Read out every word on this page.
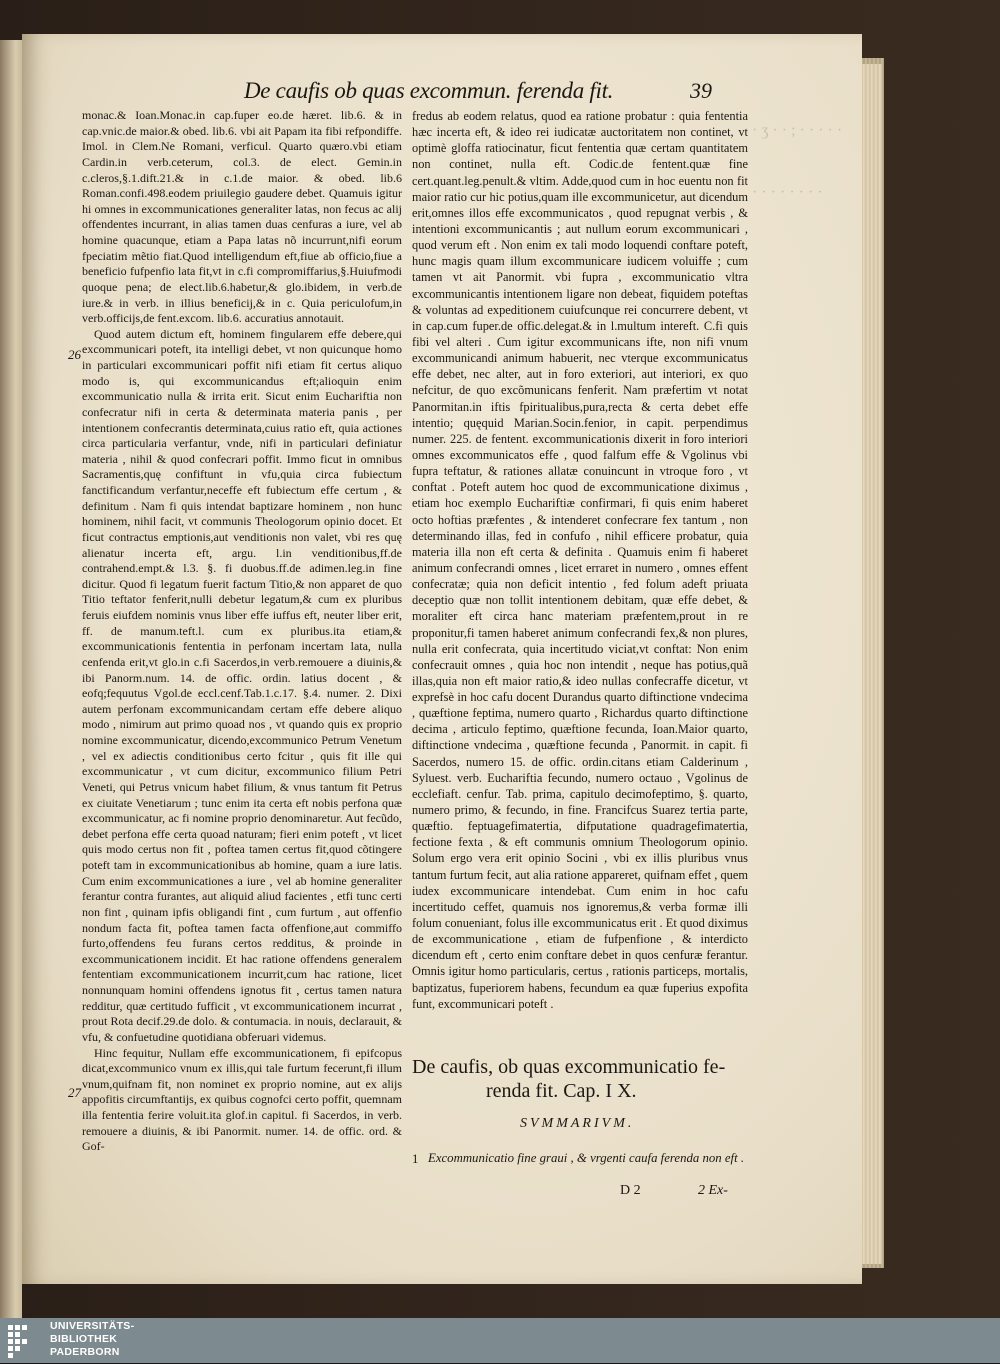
· ʒ · · ; · · · · · · · · · · · · ·
De caufis ob quas excommun. ferenda fit.	39

monac.& Ioan.Monac.in cap.fuper eo.de hæret. lib.6. & in cap.vnic.de maior.& obed. lib.6. vbi ait Papam ita fibi refpondiffe. Imol. in Clem.Ne Romani, verficul. Quarto quæro.vbi etiam Cardin.in verb.ceterum, col.3. de elect. Gemin.in c.cleros,§.1.dift.21.& in c.1.de maior. & obed. lib.6 Roman.confi.498.eodem priuilegio gaudere debet. Quamuis igitur hi omnes in excommunicationes generaliter latas, non fecus ac alij offendentes incurrant, in alias tamen duas cenfuras a iure, vel ab homine quacunque, etiam a Papa latas nõ incurrunt,nifi eorum fpeciatim mẽtio fiat.Quod intelligendum eft,fiue ab officio,fiue a beneficio fufpenfio lata fit,vt in c.fi compromiffarius,§.Huiufmodi quoque pena; de elect.lib.6.habetur,& glo.ibidem, in verb.de iure.& in verb. in illius beneficij,& in c. Quia periculofum,in verb.officijs,de fent.excom. lib.6. accuratius annotauit.

Quod autem dictum eft, hominem fingularem effe debere,qui excommunicari poteft, ita intelligi debet, vt non quicunque homo in particulari excommunicari poffit nifi etiam fit certus aliquo modo is, qui excommunicandus eft;alioquin enim excommunicatio nulla & irrita erit. Sicut enim Euchariftia non confecratur nifi in certa & determinata materia panis , per intentionem confecrantis determinata,cuius ratio eft, quia actiones circa particularia verfantur, vnde, nifi in particulari definiatur materia , nihil & quod confecrari poffit. Immo ficut in omnibus Sacramentis,quę confiftunt in vfu,quia circa fubiectum fanctificandum verfantur,neceffe eft fubiectum effe certum , & definitum . Nam fi quis intendat baptizare hominem , non hunc hominem, nihil facit, vt communis Theologorum opinio docet. Et ficut contractus emptionis,aut venditionis non valet, vbi res quę alienatur incerta eft, argu. l.in venditionibus,ff.de contrahend.empt.& l.3. §. fi duobus.ff.de adimen.leg.in fine dicitur. Quod fi legatum fuerit factum Titio,& non apparet de quo Titio teftator fenferit,nulli debetur legatum,& cum ex pluribus feruis eiufdem nominis vnus liber effe iuffus eft, neuter liber erit, ff. de manum.teft.l. cum ex pluribus.ita etiam,& excommunicationis fententia in perfonam incertam lata, nulla cenfenda erit,vt glo.in c.fi Sacerdos,in verb.remouere a diuinis,& ibi Panorm.num. 14. de offic. ordin. latius docent , & eofq;fequutus Vgol.de eccl.cenf.Tab.1.c.17. §.4. numer. 2. Dixi autem perfonam excommunicandam certam effe debere aliquo modo , nimirum aut primo quoad nos , vt quando quis ex proprio nomine excommunicatur, dicendo,excommunico Petrum Venetum , vel ex adiectis conditionibus certo fcitur , quis fit ille qui excommunicatur , vt cum dicitur, excommunico filium Petri Veneti, qui Petrus vnicum habet filium, & vnus tantum fit Petrus ex ciuitate Venetiarum ; tunc enim ita certa eft nobis perfona quæ excommunicatur, ac fi nomine proprio denominaretur. Aut fecũdo, debet perfona effe certa quoad naturam; fieri enim poteft , vt licet quis modo certus non fit , poftea tamen certus fit,quod cõtingere poteft tam in excommunicationibus ab homine, quam a iure latis. Cum enim excommunicationes a iure , vel ab homine generaliter ferantur contra furantes, aut aliquid aliud facientes , etfi tunc certi non fint , quinam ipfis obligandi fint , cum furtum , aut offenfio nondum facta fit, poftea tamen facta offenfione,aut commiffo furto,offendens feu furans certos redditus, & proinde in excommunicationem incidit. Et hac ratione offendens generalem fententiam excommunicationem incurrit,cum hac ratione, licet nonnunquam homini offendens ignotus fit , certus tamen natura redditur, quæ certitudo fufficit , vt excommunicationem incurrat , prout Rota decif.29.de dolo. & contumacia. in nouis, declarauit, & vfu, & confuetudine quotidiana obferuari videmus.

Hinc fequitur, Nullam effe excommunicationem, fi epifcopus dicat,excommunico vnum ex illis,qui tale furtum fecerunt,fi illum vnum,quifnam fit, non nominet ex proprio nomine, aut ex alijs appofitis circumftantijs, ex quibus cognofci certo poffit, quemnam illa fententia ferire voluit.ita glof.in capitul. fi Sacerdos, in verb. remouere a diuinis, & ibi Panormit. numer. 14. de offic. ord. & Gof-

26
27

fredus ab eodem relatus, quod ea ratione probatur : quia fententia hæc incerta eft, & ideo rei iudicatæ auctoritatem non continet, vt optimè gloffa ratiocinatur, ficut fententia quæ certam quantitatem non continet, nulla eft. Codic.de fentent.quæ fine cert.quant.leg.penult.& vltim. Adde,quod cum in hoc euentu non fit maior ratio cur hic potius,quam ille excommunicetur, aut dicendum erit,omnes illos effe excommunicatos , quod repugnat verbis , & intentioni excommunicantis ; aut nullum eorum excommunicari , quod verum eft . Non enim ex tali modo loquendi conftare poteft, hunc magis quam illum excommunicare iudicem voluiffe ; cum tamen vt ait Panormit. vbi fupra , excommunicatio vltra excommunicantis intentionem ligare non debeat, fiquidem poteftas & voluntas ad expeditionem cuiufcunque rei concurrere debent, vt in cap.cum fuper.de offic.delegat.& in l.multum intereft. C.fi quis fibi vel alteri . Cum igitur excommunicans ifte, non nifi vnum excommunicandi animum habuerit, nec vterque excommunicatus effe debet, nec alter, aut in foro exteriori, aut interiori, ex quo nefcitur, de quo excõmunicans fenferit. Nam præfertim vt notat Panormitan.in iftis fpiritualibus,pura,recta & certa debet effe intentio; quęquid Marian.Socin.fenior, in capit. perpendimus numer. 225. de fentent. excommunicationis dixerit in foro interiori omnes excommunicatos effe , quod falfum effe & Vgolinus vbi fupra teftatur, & rationes allatæ conuincunt in vtroque foro , vt conftat . Poteft autem hoc quod de excommunicatione diximus , etiam hoc exemplo Euchariftiæ confirmari, fi quis enim haberet octo hoftias præfentes , & intenderet confecrare fex tantum , non determinando illas, fed in confufo , nihil efficere probatur, quia materia illa non eft certa & definita . Quamuis enim fi haberet animum confecrandi omnes , licet erraret in numero , omnes effent confecratæ; quia non deficit intentio , fed folum adeft priuata deceptio quæ non tollit intentionem debitam, quæ effe debet, & moraliter eft circa hanc materiam præfentem,prout in re proponitur,fi tamen haberet animum confecrandi fex,& non plures, nulla erit confecrata, quia incertitudo viciat,vt conftat: Non enim confecrauit omnes , quia hoc non intendit , neque has potius,quã illas,quia non eft maior ratio,& ideo nullas confecraffe dicetur, vt exprefsè in hoc cafu docent Durandus quarto diftinctione vndecima , quæftione feptima, numero quarto , Richardus quarto diftinctione decima , articulo feptimo, quæftione fecunda, Ioan.Maior quarto, diftinctione vndecima , quæftione fecunda , Panormit. in capit. fi Sacerdos, numero 15. de offic. ordin.citans etiam Calderinum , Syluest. verb. Euchariftia fecundo, numero octauo , Vgolinus de ecclefiaft. cenfur. Tab. prima, capitulo decimofeptimo, §. quarto, numero primo, & fecundo, in fine. Francifcus Suarez tertia parte, quæftio. feptuagefimatertia, difputatione quadragefimatertia, fectione fexta , & eft communis omnium Theologorum opinio. Solum ergo vera erit opinio Socini , vbi ex illis pluribus vnus tantum furtum fecit, aut alia ratione appareret, quifnam effet , quem iudex excommunicare intendebat. Cum enim in hoc cafu incertitudo ceffet, quamuis nos ignoremus,& verba formæ illi folum conueniant, folus ille excommunicatus erit . Et quod diximus de excommunicatione , etiam de fufpenfione , & interdicto dicendum eft , certo enim conftare debet in quos cenfuræ ferantur. Omnis igitur homo particularis, certus , rationis particeps, mortalis, baptizatus, fuperiorem habens, fecundum ea quæ fuperius expofita funt, excommunicari poteft .

De caufis, ob quas excommunicatio fe-
renda fit. Cap. I X.
SVMMARIVM.
1 Excommunicatio fine graui , & vrgenti caufa ferenda non eft .
D 2	2 Ex-
UNIVERSITÄTS-
BIBLIOTHEK
PADERBORN
